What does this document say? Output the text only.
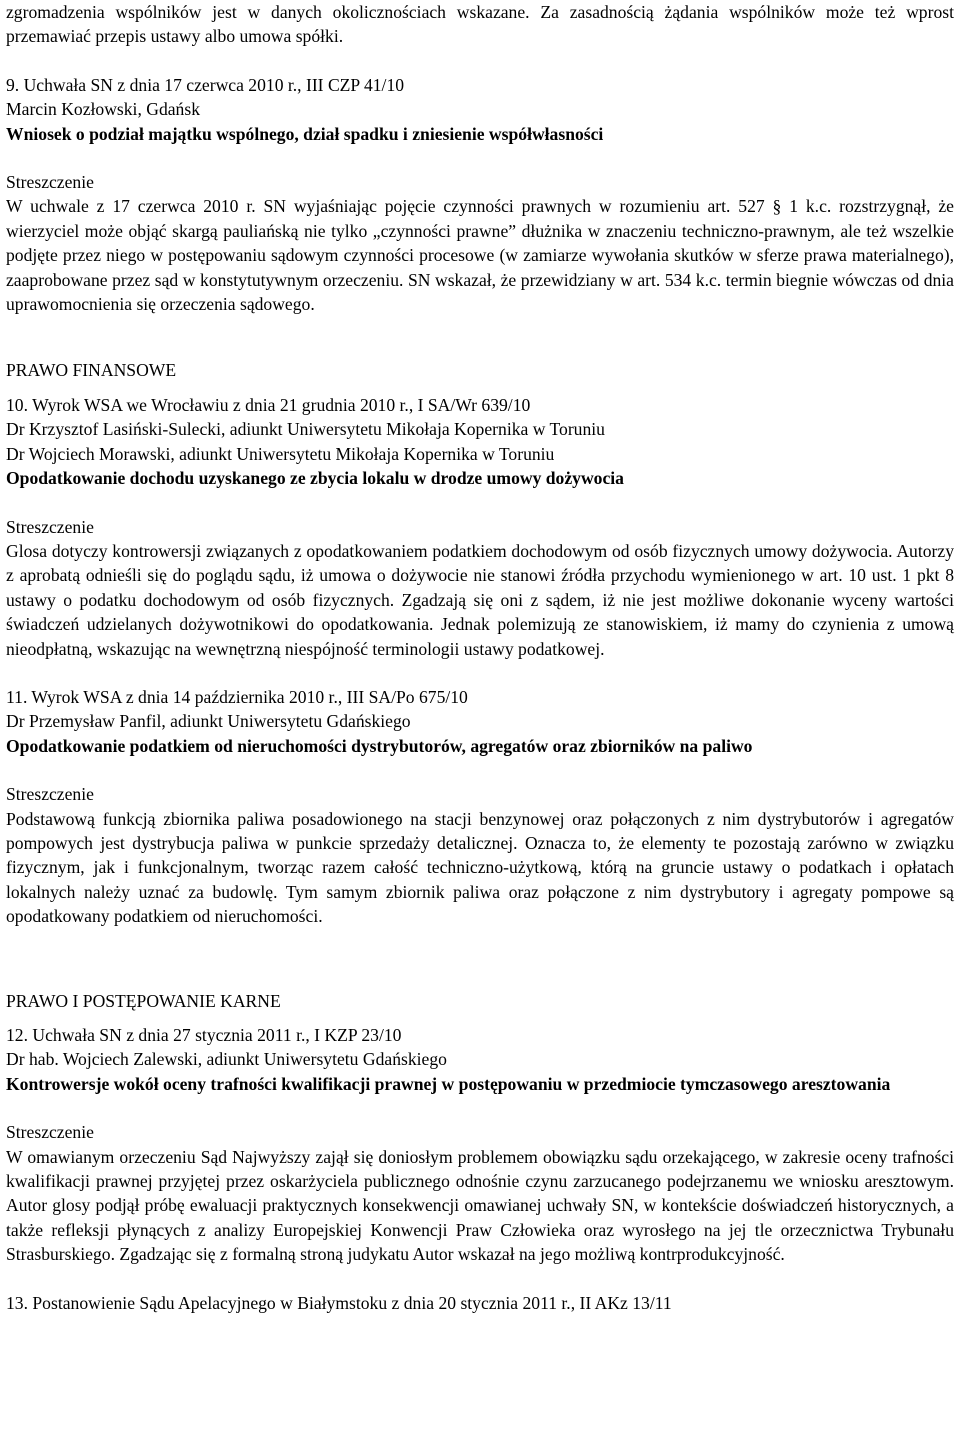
zgromadzenia wspólników jest w danych okolicznościach wskazane. Za zasadnością żądania wspólników może też wprost przemawiać przepis ustawy albo umowa spółki.

9. Uchwała SN z dnia 17 czerwca 2010 r., III CZP 41/10

Marcin Kozłowski, Gdańsk

Wniosek o podział majątku wspólnego, dział spadku i zniesienie współwłasności

Streszczenie

W uchwale z 17 czerwca 2010 r. SN wyjaśniając pojęcie czynności prawnych w rozumieniu art. 527 § 1 k.c. rozstrzygnął, że wierzyciel może objąć skargą pauliańską nie tylko „czynności prawne” dłużnika w znaczeniu techniczno-prawnym, ale też wszelkie podjęte przez niego w postępowaniu sądowym czynności procesowe (w zamiarze wywołania skutków w sferze prawa materialnego), zaaprobowane przez sąd w konstytutywnym orzeczeniu. SN wskazał, że przewidziany w art. 534 k.c. termin biegnie wówczas od dnia uprawomocnienia się orzeczenia sądowego.

PRAWO FINANSOWE

10. Wyrok WSA we Wrocławiu z dnia 21 grudnia 2010 r., I SA/Wr 639/10

Dr Krzysztof Lasiński-Sulecki, adiunkt Uniwersytetu Mikołaja Kopernika w Toruniu

Dr Wojciech Morawski, adiunkt Uniwersytetu Mikołaja Kopernika w Toruniu

Opodatkowanie dochodu uzyskanego ze zbycia lokalu w drodze umowy dożywocia

Streszczenie

Glosa dotyczy kontrowersji związanych z opodatkowaniem podatkiem dochodowym od osób fizycznych umowy dożywocia. Autorzy z aprobatą odnieśli się do poglądu sądu, iż umowa o dożywocie nie stanowi źródła przychodu wymienionego w art. 10 ust. 1 pkt 8 ustawy o podatku dochodowym od osób fizycznych. Zgadzają się oni z sądem, iż nie jest możliwe dokonanie wyceny wartości świadczeń udzielanych dożywotnikowi do opodatkowania. Jednak polemizują ze stanowiskiem, iż mamy do czynienia z umową nieodpłatną, wskazując na wewnętrzną niespójność terminologii ustawy podatkowej.

11. Wyrok WSA z dnia 14 października 2010 r., III SA/Po 675/10

Dr Przemysław Panfil, adiunkt Uniwersytetu Gdańskiego

Opodatkowanie podatkiem od nieruchomości dystrybutorów, agregatów oraz zbiorników na paliwo

Streszczenie

Podstawową funkcją zbiornika paliwa posadowionego na stacji benzynowej oraz połączonych z nim dystrybutorów i agregatów pompowych jest dystrybucja paliwa w punkcie sprzedaży detalicznej. Oznacza to, że elementy te pozostają zarówno w związku fizycznym, jak i funkcjonalnym, tworząc razem całość techniczno-użytkową, którą na gruncie ustawy o podatkach i opłatach lokalnych należy uznać za budowlę. Tym samym zbiornik paliwa oraz połączone z nim dystrybutory i agregaty pompowe są opodatkowany podatkiem od nieruchomości.

PRAWO I POSTĘPOWANIE KARNE

12. Uchwała SN z dnia 27 stycznia 2011 r., I KZP 23/10

Dr hab. Wojciech Zalewski, adiunkt Uniwersytetu Gdańskiego

Kontrowersje wokół oceny trafności kwalifikacji prawnej w postępowaniu w przedmiocie tymczasowego aresztowania

Streszczenie

W omawianym orzeczeniu Sąd Najwyższy zajął się doniosłym problemem obowiązku sądu orzekającego, w zakresie oceny trafności kwalifikacji prawnej przyjętej przez oskarżyciela publicznego odnośnie czynu zarzucanego podejrzanemu we wniosku aresztowym. Autor glosy podjął próbę ewaluacji praktycznych konsekwencji omawianej uchwały SN, w kontekście doświadczeń historycznych, a także refleksji płynących z analizy Europejskiej Konwencji Praw Człowieka oraz wyrosłego na jej tle orzecznictwa Trybunału Strasburskiego. Zgadzając się z formalną stroną judykatu Autor wskazał na jego możliwą kontrprodukcyjność.

13. Postanowienie Sądu Apelacyjnego w Białymstoku z dnia 20 stycznia 2011 r., II AKz 13/11
